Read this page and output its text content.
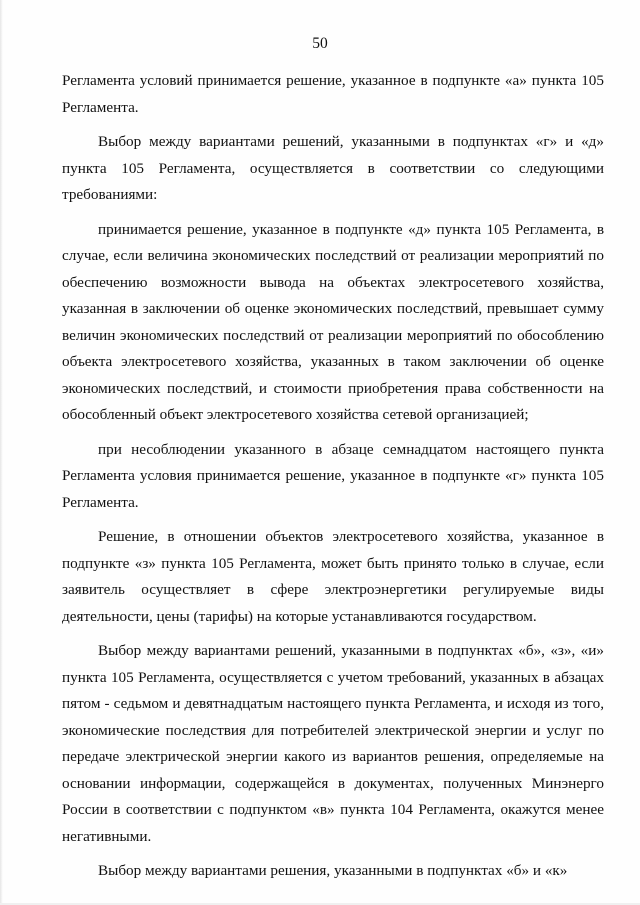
50

Регламента условий принимается решение, указанное в подпункте «а» пункта 105 Регламента.

Выбор между вариантами решений, указанными в подпунктах «г» и «д» пункта 105 Регламента, осуществляется в соответствии со следующими требованиями:

принимается решение, указанное в подпункте «д» пункта 105 Регламента, в случае, если величина экономических последствий от реализации мероприятий по обеспечению возможности вывода на объектах электросетевого хозяйства, указанная в заключении об оценке экономических последствий, превышает сумму величин экономических последствий от реализации мероприятий по обособлению объекта электросетевого хозяйства, указанных в таком заключении об оценке экономических последствий, и стоимости приобретения права собственности на обособленный объект электросетевого хозяйства сетевой организацией;

при несоблюдении указанного в абзаце семнадцатом настоящего пункта Регламента условия принимается решение, указанное в подпункте «г» пункта 105 Регламента.

Решение, в отношении объектов электросетевого хозяйства, указанное в подпункте «з» пункта 105 Регламента, может быть принято только в случае, если заявитель осуществляет в сфере электроэнергетики регулируемые виды деятельности, цены (тарифы) на которые устанавливаются государством.

Выбор между вариантами решений, указанными в подпунктах «б», «з», «и» пункта 105 Регламента, осуществляется с учетом требований, указанных в абзацах пятом - седьмом и девятнадцатым настоящего пункта Регламента, и исходя из того, экономические последствия для потребителей электрической энергии и услуг по передаче электрической энергии какого из вариантов решения, определяемые на основании информации, содержащейся в документах, полученных Минэнерго России в соответствии с подпунктом «в» пункта 104 Регламента, окажутся менее негативными.

Выбор между вариантами решения, указанными в подпунктах «б» и «к»
